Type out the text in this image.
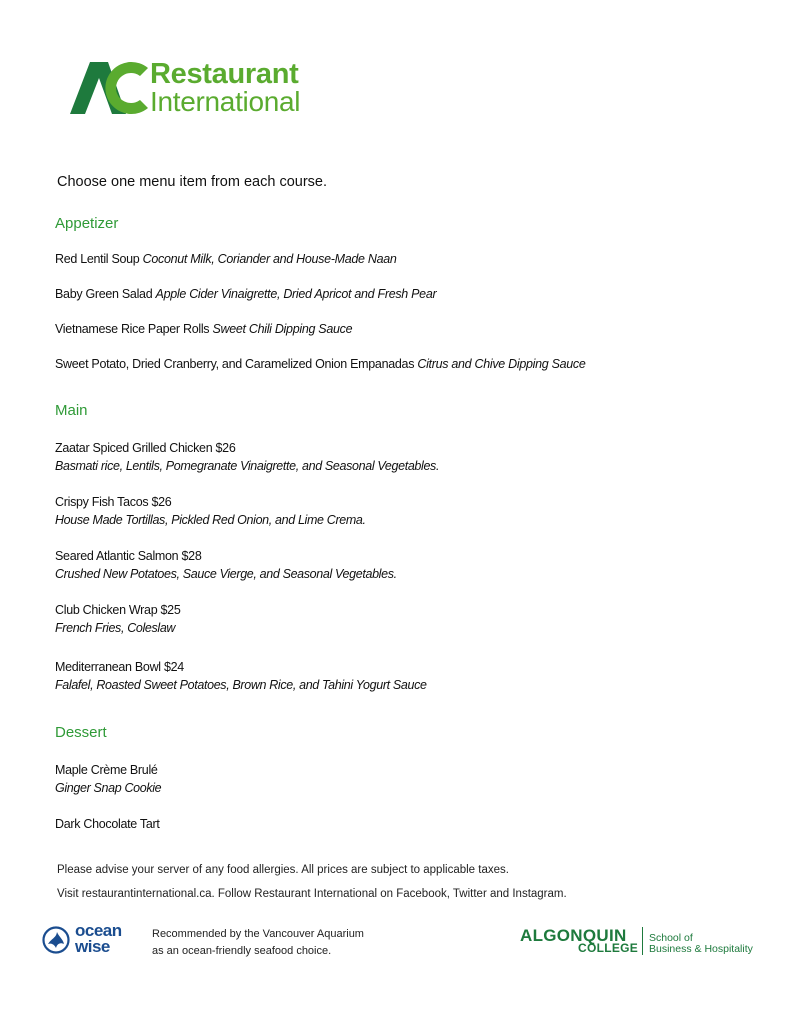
Restaurant
International
Choose one menu item from each course.
Appetizer
Red Lentil Soup Coconut Milk, Coriander and House-Made Naan
Baby Green Salad Apple Cider Vinaigrette, Dried Apricot and Fresh Pear
Vietnamese Rice Paper Rolls Sweet Chili Dipping Sauce
Sweet Potato, Dried Cranberry, and Caramelized Onion Empanadas Citrus and Chive Dipping Sauce
Main
Zaatar Spiced Grilled Chicken $26
Basmati rice, Lentils, Pomegranate Vinaigrette, and Seasonal Vegetables.
Crispy Fish Tacos $26
House Made Tortillas, Pickled Red Onion, and Lime Crema.
Seared Atlantic Salmon $28
Crushed New Potatoes, Sauce Vierge, and Seasonal Vegetables.
Club Chicken Wrap $25
French Fries, Coleslaw
Mediterranean Bowl $24
Falafel, Roasted Sweet Potatoes, Brown Rice, and Tahini Yogurt Sauce
Dessert
Maple Crème Brulé
Ginger Snap Cookie
Dark Chocolate Tart
Please advise your server of any food allergies. All prices are subject to applicable taxes.
Visit restaurantinternational.ca. Follow Restaurant International on Facebook, Twitter and Instagram.
ocean
wise
Recommended by the Vancouver Aquarium
as an ocean-friendly seafood choice.
ALGONQUIN
COLLEGE
School of
Business & Hospitality
